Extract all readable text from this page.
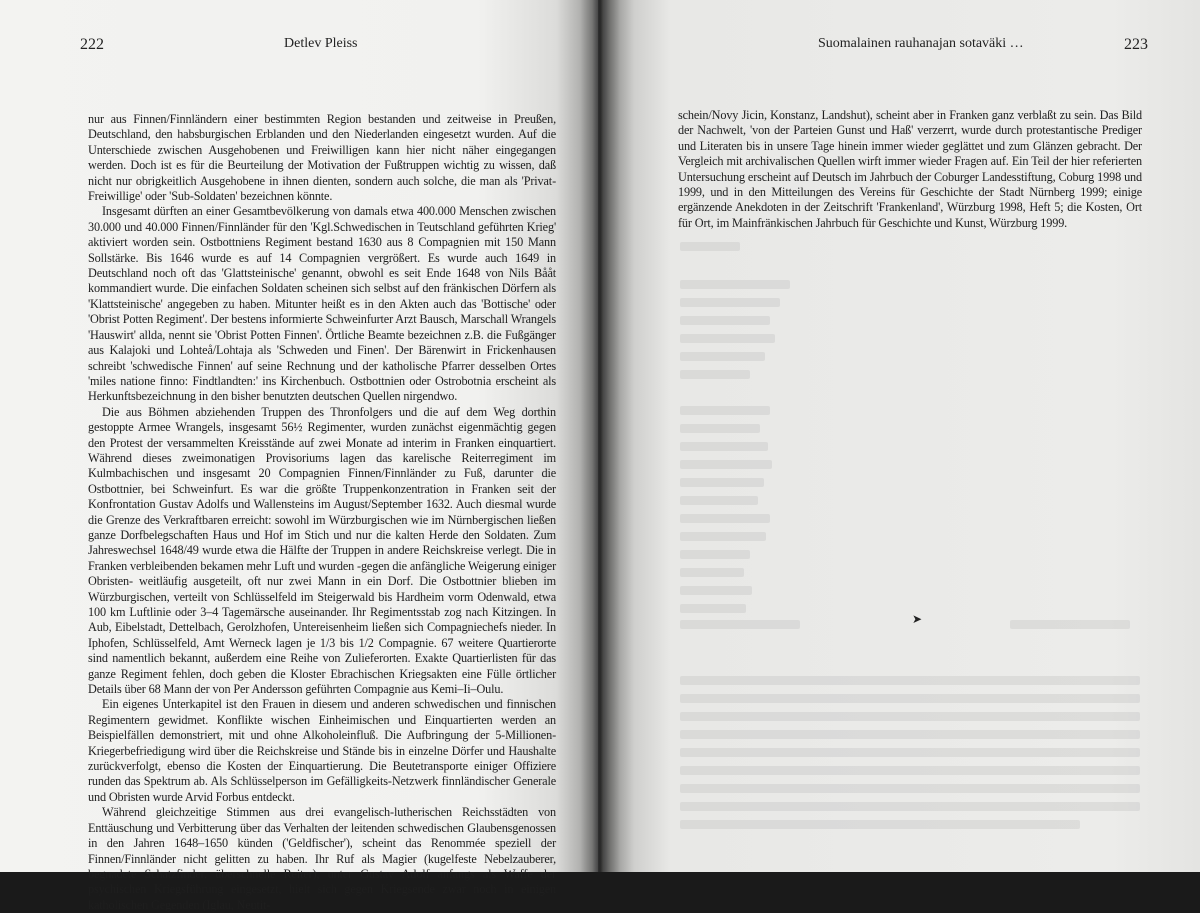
222	Detlev Pleiss

nur aus Finnen/Finnländern einer bestimmten Region bestanden und zeitweise in Preußen, Deutschland, den habsburgischen Erblanden und den Niederlanden eingesetzt wurden. Auf die Unterschiede zwischen Ausgehobenen und Freiwilligen kann hier nicht näher eingegangen werden. Doch ist es für die Beurteilung der Motivation der Fußtruppen wichtig zu wissen, daß nicht nur obrigkeitlich Ausgehobene in ihnen dienten, sondern auch solche, die man als 'Privat-Freiwillige' oder 'Sub-Soldaten' bezeichnen könnte.

Insgesamt dürften an einer Gesamtbevölkerung von damals etwa 400.000 Menschen zwischen 30.000 und 40.000 Finnen/Finnländer für den 'Kgl.Schwedischen in Teutschland geführten Krieg' aktiviert worden sein. Ostbottniens Regiment bestand 1630 aus 8 Compagnien mit 150 Mann Sollstärke. Bis 1646 wurde es auf 14 Compagnien vergrößert. Es wurde auch 1649 in Deutschland noch oft das 'Glattsteinische' genannt, obwohl es seit Ende 1648 von Nils Bååt kommandiert wurde. Die einfachen Soldaten scheinen sich selbst auf den fränkischen Dörfern als 'Klattsteinische' angegeben zu haben. Mitunter heißt es in den Akten auch das 'Bottische' oder 'Obrist Potten Regiment'. Der bestens informierte Schweinfurter Arzt Bausch, Marschall Wrangels 'Hauswirt' allda, nennt sie 'Obrist Potten Finnen'. Örtliche Beamte bezeichnen z.B. die Fußgänger aus Kalajoki und Lohteå/Lohtaja als 'Schweden und Finen'. Der Bärenwirt in Frickenhausen schreibt 'schwedische Finnen' auf seine Rechnung und der katholische Pfarrer desselben Ortes 'miles natione finno: Findtlandten:' ins Kirchenbuch. Ostbottnien oder Ostrobotnia erscheint als Herkunftsbezeichnung in den bisher benutzten deutschen Quellen nirgendwo.

Die aus Böhmen abziehenden Truppen des Thronfolgers und die auf dem Weg dorthin gestoppte Armee Wrangels, insgesamt 56½ Regimenter, wurden zunächst eigenmächtig gegen den Protest der versammelten Kreisstände auf zwei Monate ad interim in Franken einquartiert. Während dieses zweimonatigen Provisoriums lagen das karelische Reiterregiment im Kulmbachischen und insgesamt 20 Compagnien Finnen/Finnländer zu Fuß, darunter die Ostbottnier, bei Schweinfurt. Es war die größte Truppenkonzentration in Franken seit der Konfrontation Gustav Adolfs und Wallensteins im August/September 1632. Auch diesmal wurde die Grenze des Verkraftbaren erreicht: sowohl im Würzburgischen wie im Nürnbergischen ließen ganze Dorfbelegschaften Haus und Hof im Stich und nur die kalten Herde den Soldaten. Zum Jahreswechsel 1648/49 wurde etwa die Hälfte der Truppen in andere Reichskreise verlegt. Die in Franken verbleibenden bekamen mehr Luft und wurden -gegen die anfängliche Weigerung einiger Obristen- weitläufig ausgeteilt, oft nur zwei Mann in ein Dorf. Die Ostbottnier blieben im Würzburgischen, verteilt von Schlüsselfeld im Steigerwald bis Hardheim vorm Odenwald, etwa 100 km Luftlinie oder 3–4 Tagemärsche auseinander. Ihr Regimentsstab zog nach Kitzingen. In Aub, Eibelstadt, Dettelbach, Gerolzhofen, Untereisenheim ließen sich Compagniechefs nieder. In Iphofen, Schlüsselfeld, Amt Werneck lagen je 1/3 bis 1/2 Compagnie. 67 weitere Quartierorte sind namentlich bekannt, außerdem eine Reihe von Zulieferorten. Exakte Quartierlisten für das ganze Regiment fehlen, doch geben die Kloster Ebrachischen Kriegsakten eine Fülle örtlicher Details über 68 Mann der von Per Andersson geführten Compagnie aus Kemi–Ii–Oulu.

Ein eigenes Unterkapitel ist den Frauen in diesem und anderen schwedischen und finnischen Regimentern gewidmet. Konflikte wischen Einheimischen und Einquartierten werden an Beispielfällen demonstriert, mit und ohne Alkoholeinfluß. Die Aufbringung der 5-Millionen-Kriegerbefriedigung wird über die Reichskreise und Stände bis in einzelne Dörfer und Haushalte zurückverfolgt, ebenso die Kosten der Einquartierung. Die Beutetransporte einiger Offiziere runden das Spektrum ab. Als Schlüsselperson im Gefälligkeits-Netzwerk finnländischer Generale und Obristen wurde Arvid Forbus entdeckt.

Während gleichzeitige Stimmen aus drei evangelisch-lutherischen Reichsstädten von Enttäuschung und Verbitterung über das Verhalten der leitenden schwedischen Glaubensgenossen in den Jahren 1648–1650 künden ('Geldfischer'), scheint das Renommée speziell der Finnen/Finnländer nicht gelitten zu haben. Ihr Ruf als Magier (kugelfeste Nebelzauberer, begnadete Schatzfinder, überschnelle Reiter), unter Gustav Adolf anfangs als Waffe der psychischen Kriegsführung eingesetzt, hielt sich gegen Kriegsende zwar noch in einigen katholischen Gegenden (Iglau, Neutit-

Suomalainen rauhanajan sotaväki …	223

schein/Novy Jicin, Konstanz, Landshut), scheint aber in Franken ganz verblaßt zu sein. Das Bild der Nachwelt, 'von der Parteien Gunst und Haß' verzerrt, wurde durch protestantische Prediger und Literaten bis in unsere Tage hinein immer wieder geglättet und zum Glänzen gebracht. Der Vergleich mit archivalischen Quellen wirft immer wieder Fragen auf. Ein Teil der hier referierten Untersuchung erscheint auf Deutsch im Jahrbuch der Coburger Landesstiftung, Coburg 1998 und 1999, und in den Mitteilungen des Vereins für Geschichte der Stadt Nürnberg 1999; einige ergänzende Anekdoten in der Zeitschrift 'Frankenland', Würzburg 1998, Heft 5; die Kosten, Ort für Ort, im Mainfränkischen Jahrbuch für Geschichte und Kunst, Würzburg 1999.

➤
